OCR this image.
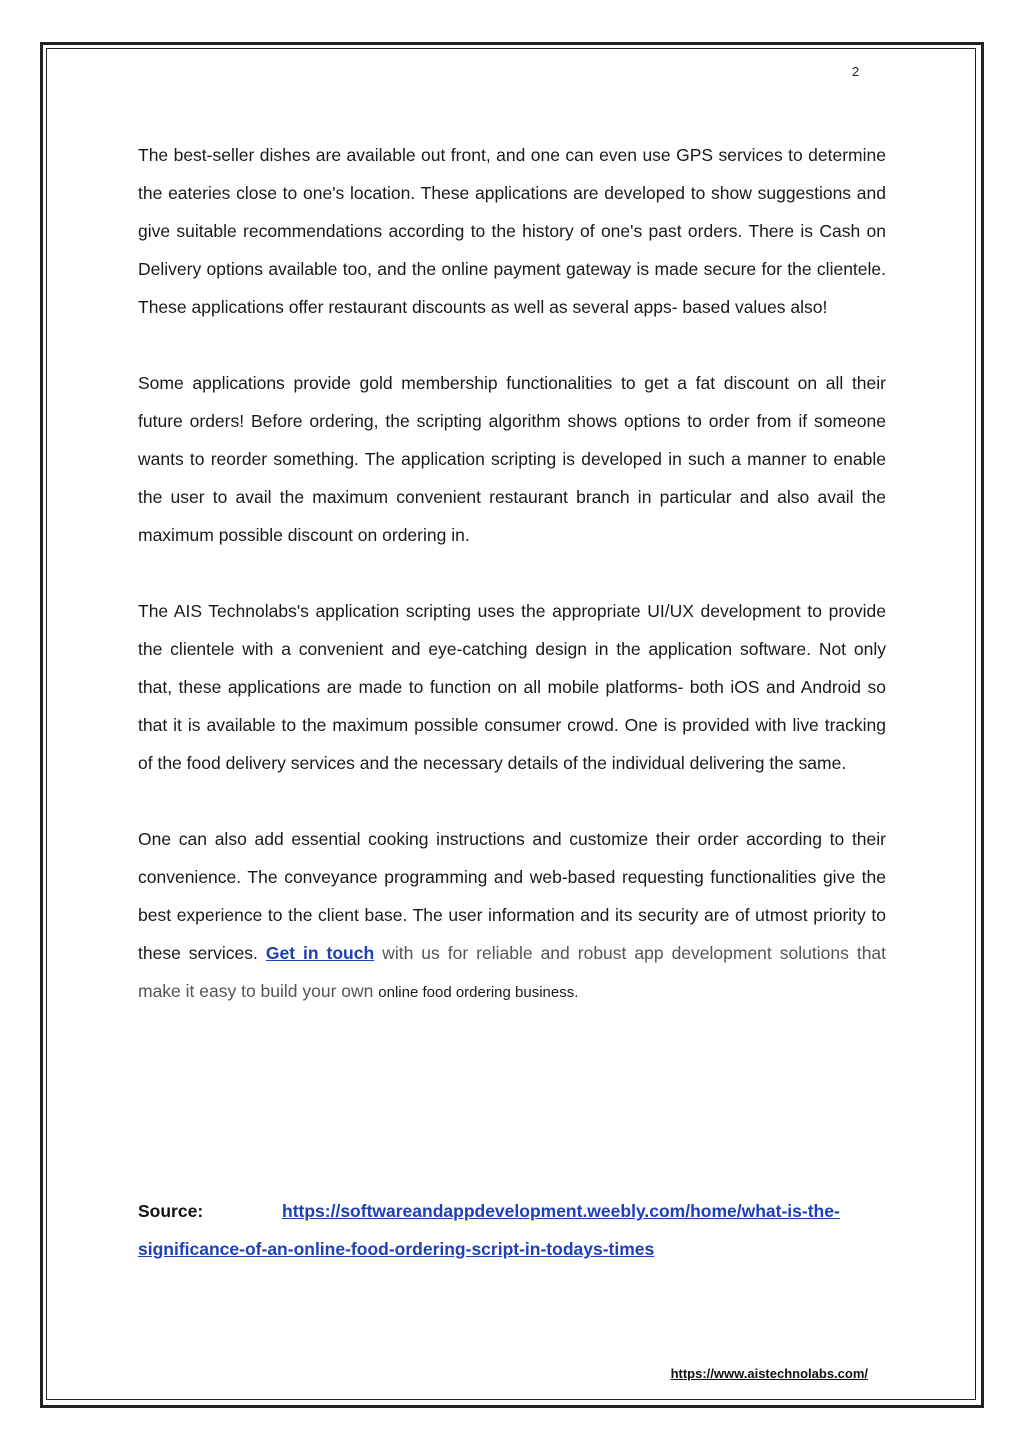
2

The best-seller dishes are available out front, and one can even use GPS services to determine the eateries close to one's location. These applications are developed to show suggestions and give suitable recommendations according to the history of one's past orders. There is Cash on Delivery options available too, and the online payment gateway is made secure for the clientele. These applications offer restaurant discounts as well as several apps- based values also!

Some applications provide gold membership functionalities to get a fat discount on all their future orders! Before ordering, the scripting algorithm shows options to order from if someone wants to reorder something. The application scripting is developed in such a manner to enable the user to avail the maximum convenient restaurant branch in particular and also avail the maximum possible discount on ordering in.

The AIS Technolabs's application scripting uses the appropriate UI/UX development to provide the clientele with a convenient and eye-catching design in the application software. Not only that, these applications are made to function on all mobile platforms- both iOS and Android so that it is available to the maximum possible consumer crowd. One is provided with live tracking of the food delivery services and the necessary details of the individual delivering the same.

One can also add essential cooking instructions and customize their order according to their convenience. The conveyance programming and web-based requesting functionalities give the best experience to the client base. The user information and its security are of utmost priority to these services. Get in touch with us for reliable and robust app development solutions that make it easy to build your own online food ordering business.

Source:	https://softwareandappdevelopment.weebly.com/home/what-is-the-significance-of-an-online-food-ordering-script-in-todays-times

https://www.aistechnolabs.com/
